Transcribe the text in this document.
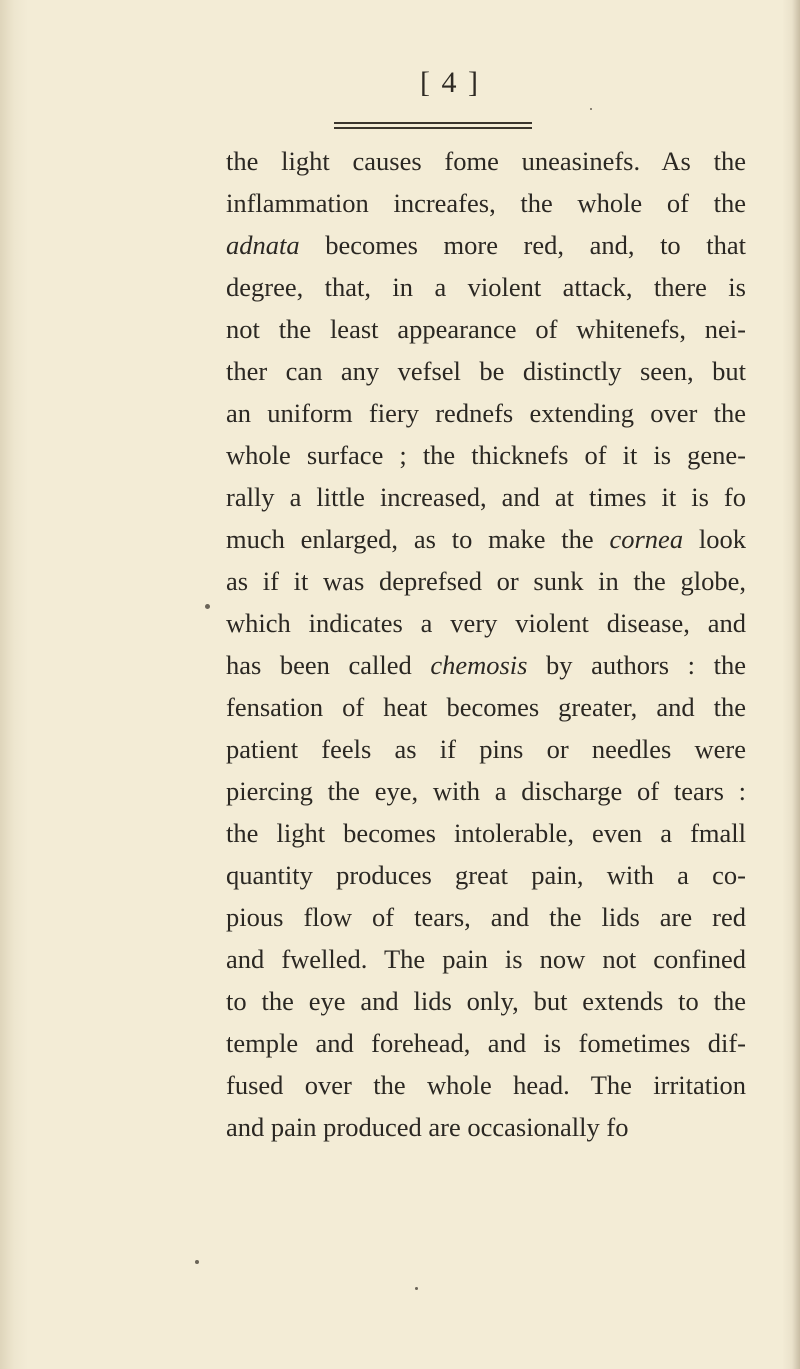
[ 4 ]
the light causes fome uneasinefs. As the
inflammation increafes, the whole of the
adnata becomes more red, and, to that
degree, that, in a violent attack, there is
not the least appearance of whitenefs, nei-
ther can any vefsel be distinctly seen, but
an uniform fiery rednefs extending over the
whole surface ; the thicknefs of it is gene-
rally a little increased, and at times it is fo
much enlarged, as to make the cornea look
as if it was deprefsed or sunk in the globe,
which indicates a very violent disease, and
has been called chemosis by authors : the
fensation of heat becomes greater, and the
patient feels as if pins or needles were
piercing the eye, with a discharge of tears :
the light becomes intolerable, even a fmall
quantity produces great pain, with a co-
pious flow of tears, and the lids are red
and fwelled. The pain is now not confined
to the eye and lids only, but extends to the
temple and forehead, and is fometimes dif-
fused over the whole head. The irritation
and pain produced are occasionally fo
